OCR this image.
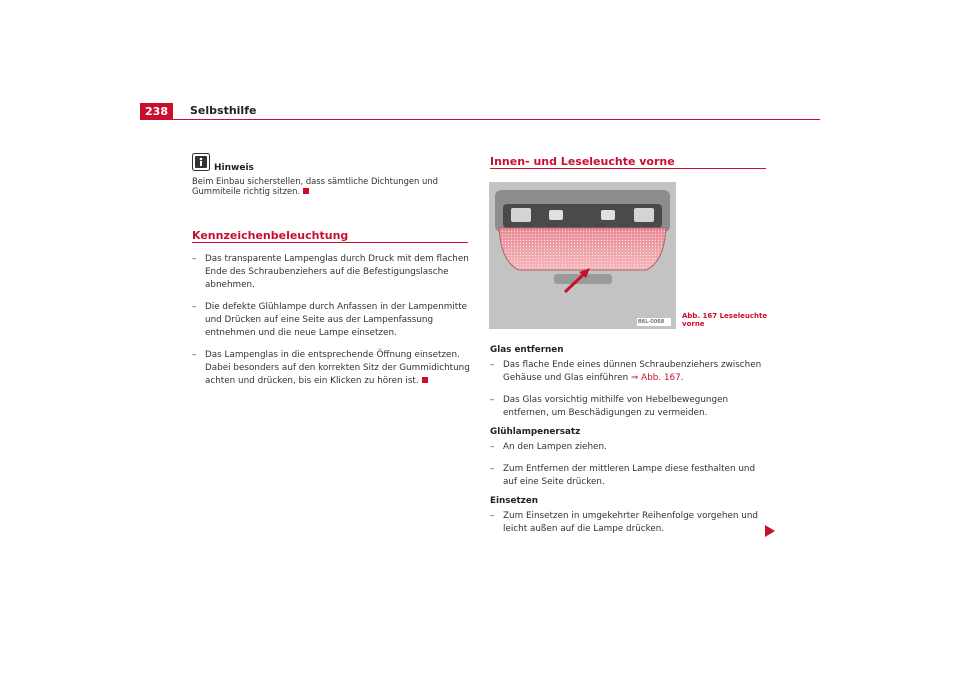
238 Selbsthilfe
Hinweis
Beim Einbau sicherstellen, dass sämtliche Dichtungen und Gummiteile richtig sitzen.
Kennzeichenbeleuchtung
– Das transparente Lampenglas durch Druck mit dem flachen Ende des Schraubenziehers auf die Befestigungslasche abnehmen.
– Die defekte Glühlampe durch Anfassen in der Lampenmitte und Drücken auf eine Seite aus der Lampenfassung entnehmen und die neue Lampe einsetzen.
– Das Lampenglas in die entsprechende Öffnung einsetzen. Dabei besonders auf den korrekten Sitz der Gummidichtung achten und drücken, bis ein Klicken zu hören ist.
Innen- und Leseleuchte vorne
B6L-0068
Abb. 167 Leseleuchte vorne
Glas entfernen
– Das flache Ende eines dünnen Schraubenziehers zwischen Gehäuse und Glas einführen ⇒ Abb. 167.
– Das Glas vorsichtig mithilfe von Hebelbewegungen entfernen, um Beschädigungen zu vermeiden.
Glühlampenersatz
– An den Lampen ziehen.
– Zum Entfernen der mittleren Lampe diese festhalten und auf eine Seite drücken.
Einsetzen
– Zum Einsetzen in umgekehrter Reihenfolge vorgehen und leicht außen auf die Lampe drücken.
